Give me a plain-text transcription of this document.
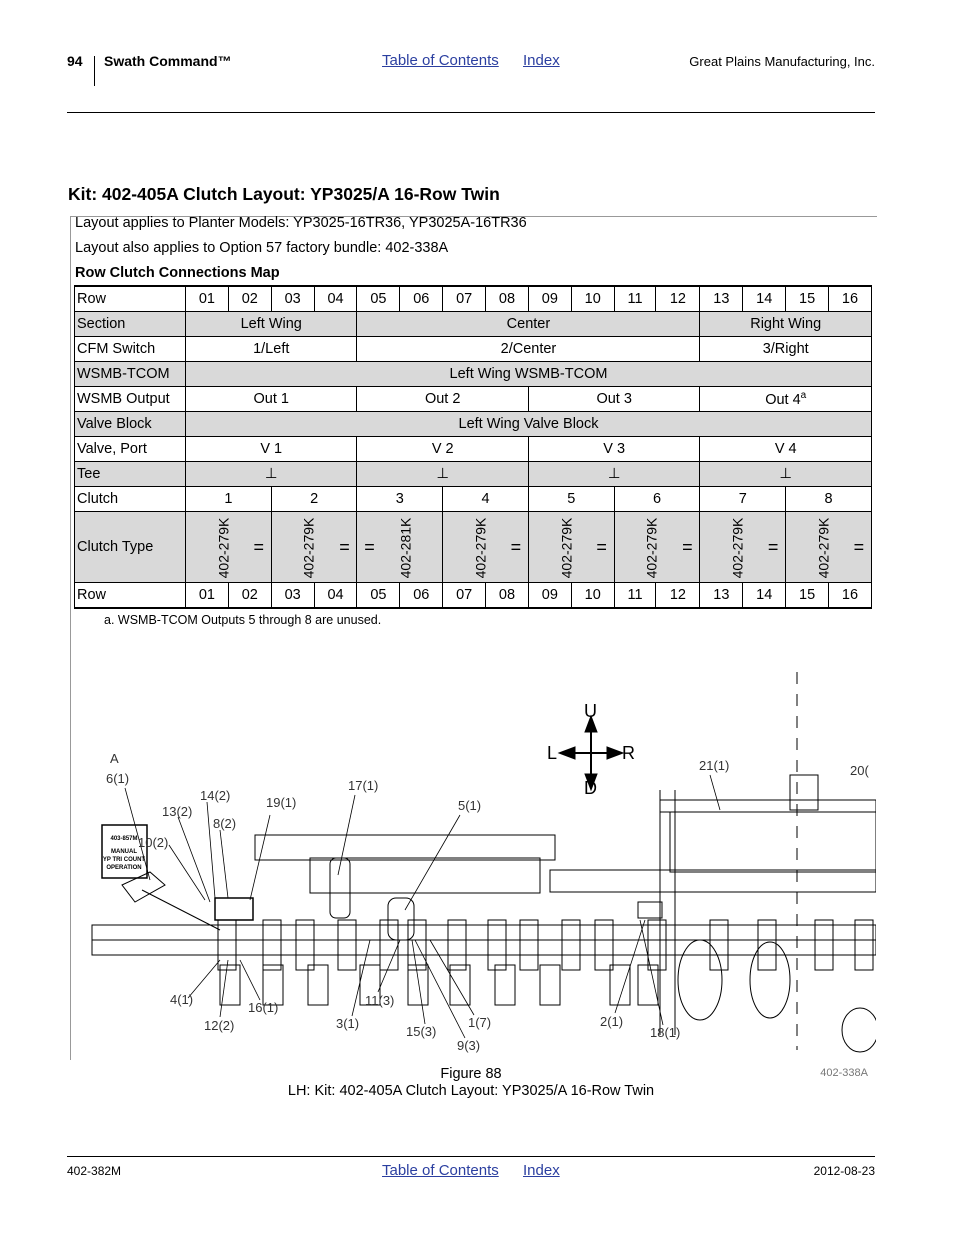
94 Swath Command™	Table of Contents Index	Great Plains Manufacturing, Inc.
Kit: 402-405A Clutch Layout: YP3025/A 16-Row Twin
Layout applies to Planter Models: YP3025-16TR36, YP3025A-16TR36
Layout also applies to Option 57 factory bundle: 402-338A
Row Clutch Connections Map
Row	01	02	03	04	05	06	07	08	09	10	11	12	13	14	15	16
Section	Left Wing				Center								Right Wing			
CFM Switch	1/Left				2/Center								3/Right			
WSMB-TCOM	Left Wing WSMB-TCOM															
WSMB Output	Out 1				Out 2				Out 3				Out 4$^a$
Valve Block	Left Wing Valve Block															
Valve, Port	V 1				V 2				V 3				V 4			
Tee	⊥				⊥				⊥				⊥			
Clutch	1		2		3		4		5		6		7		8	
Clutch Type	402-279K =		402-279K =		= 402-281K		402-279K =		402-279K =		402-279K =		402-279K =		402-279K =	
Row	01	02	03	04	05	06	07	08	09	10	11	12	13	14	15	16
a. WSMB-TCOM Outputs 5 through 8 are unused.
403-857M
MANUAL
YP TRI COUNT
OPERATION
U
L	R
D
A
6(1)
14(2)
13(2)
8(2)
19(1)
17(1)
5(1)
10(2)
21(1)	20(
4(1)
16(1)
12(2)	3(1)
11(3)
15(3)
1(7)
9(3)
2(1)
18(1)
Figure 88
LH: Kit: 402-405A Clutch Layout: YP3025/A 16-Row Twin
402-338A
402-382M	Table of Contents Index	2012-08-23
